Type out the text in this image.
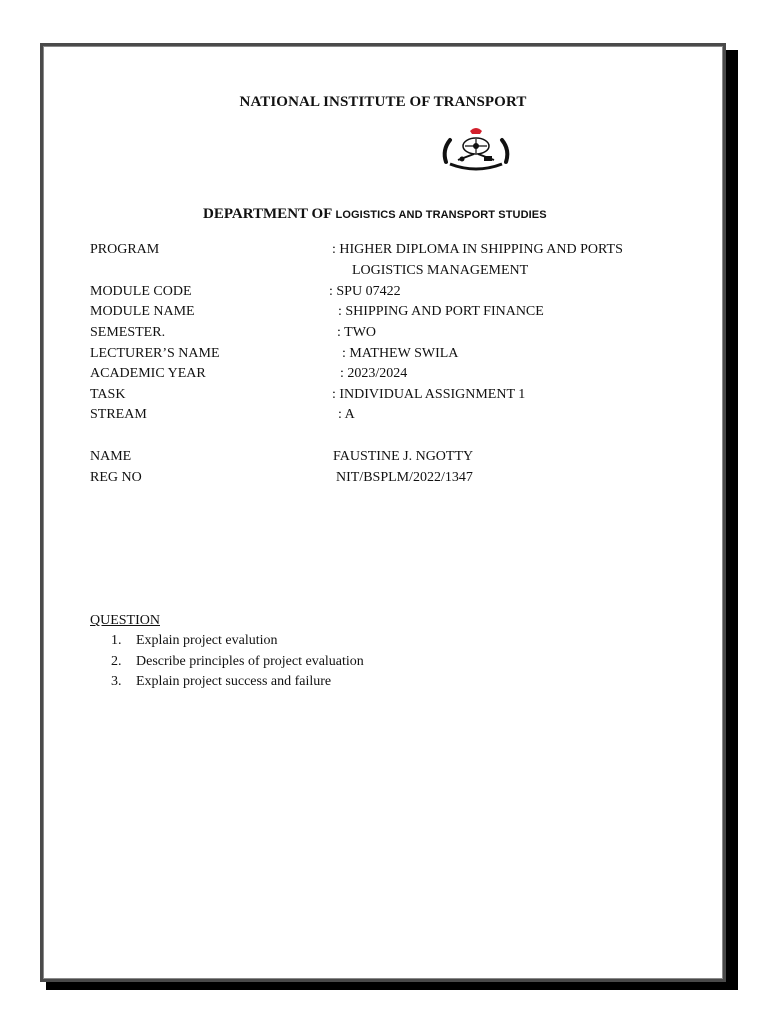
NATIONAL INSTITUTE OF TRANSPORT
DEPARTMENT OF LOGISTICS AND TRANSPORT STUDIES
PROGRAM	: HIGHER DIPLOMA IN SHIPPING AND PORTS
LOGISTICS MANAGEMENT
MODULE CODE	: SPU 07422
MODULE NAME	: SHIPPING AND PORT FINANCE
SEMESTER.	: TWO
LECTURER’S NAME	: MATHEW SWILA
ACADEMIC YEAR	: 2023/2024
TASK	: INDIVIDUAL ASSIGNMENT 1
STREAM	: A
NAME	FAUSTINE J. NGOTTY
REG NO	NIT/BSPLM/2022/1347
QUESTION
1. Explain project evalution
2. Describe principles of project evaluation
3. Explain project success and failure
